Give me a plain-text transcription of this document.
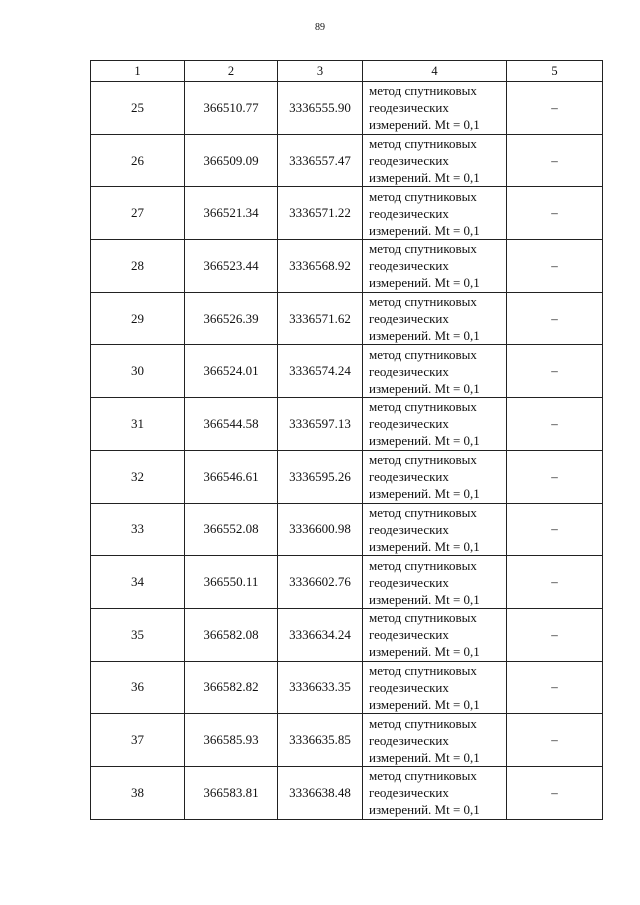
89
1	2	3	4	5
25	366510.77	3336555.90	метод спутниковых
геодезических
измерений. Mt = 0,1	–
26	366509.09	3336557.47	метод спутниковых
геодезических
измерений. Mt = 0,1	–
27	366521.34	3336571.22	метод спутниковых
геодезических
измерений. Mt = 0,1	–
28	366523.44	3336568.92	метод спутниковых
геодезических
измерений. Mt = 0,1	–
29	366526.39	3336571.62	метод спутниковых
геодезических
измерений. Mt = 0,1	–
30	366524.01	3336574.24	метод спутниковых
геодезических
измерений. Mt = 0,1	–
31	366544.58	3336597.13	метод спутниковых
геодезических
измерений. Mt = 0,1	–
32	366546.61	3336595.26	метод спутниковых
геодезических
измерений. Mt = 0,1	–
33	366552.08	3336600.98	метод спутниковых
геодезических
измерений. Mt = 0,1	–
34	366550.11	3336602.76	метод спутниковых
геодезических
измерений. Mt = 0,1	–
35	366582.08	3336634.24	метод спутниковых
геодезических
измерений. Mt = 0,1	–
36	366582.82	3336633.35	метод спутниковых
геодезических
измерений. Mt = 0,1	–
37	366585.93	3336635.85	метод спутниковых
геодезических
измерений. Mt = 0,1	–
38	366583.81	3336638.48	метод спутниковых
геодезических
измерений. Mt = 0,1	–
